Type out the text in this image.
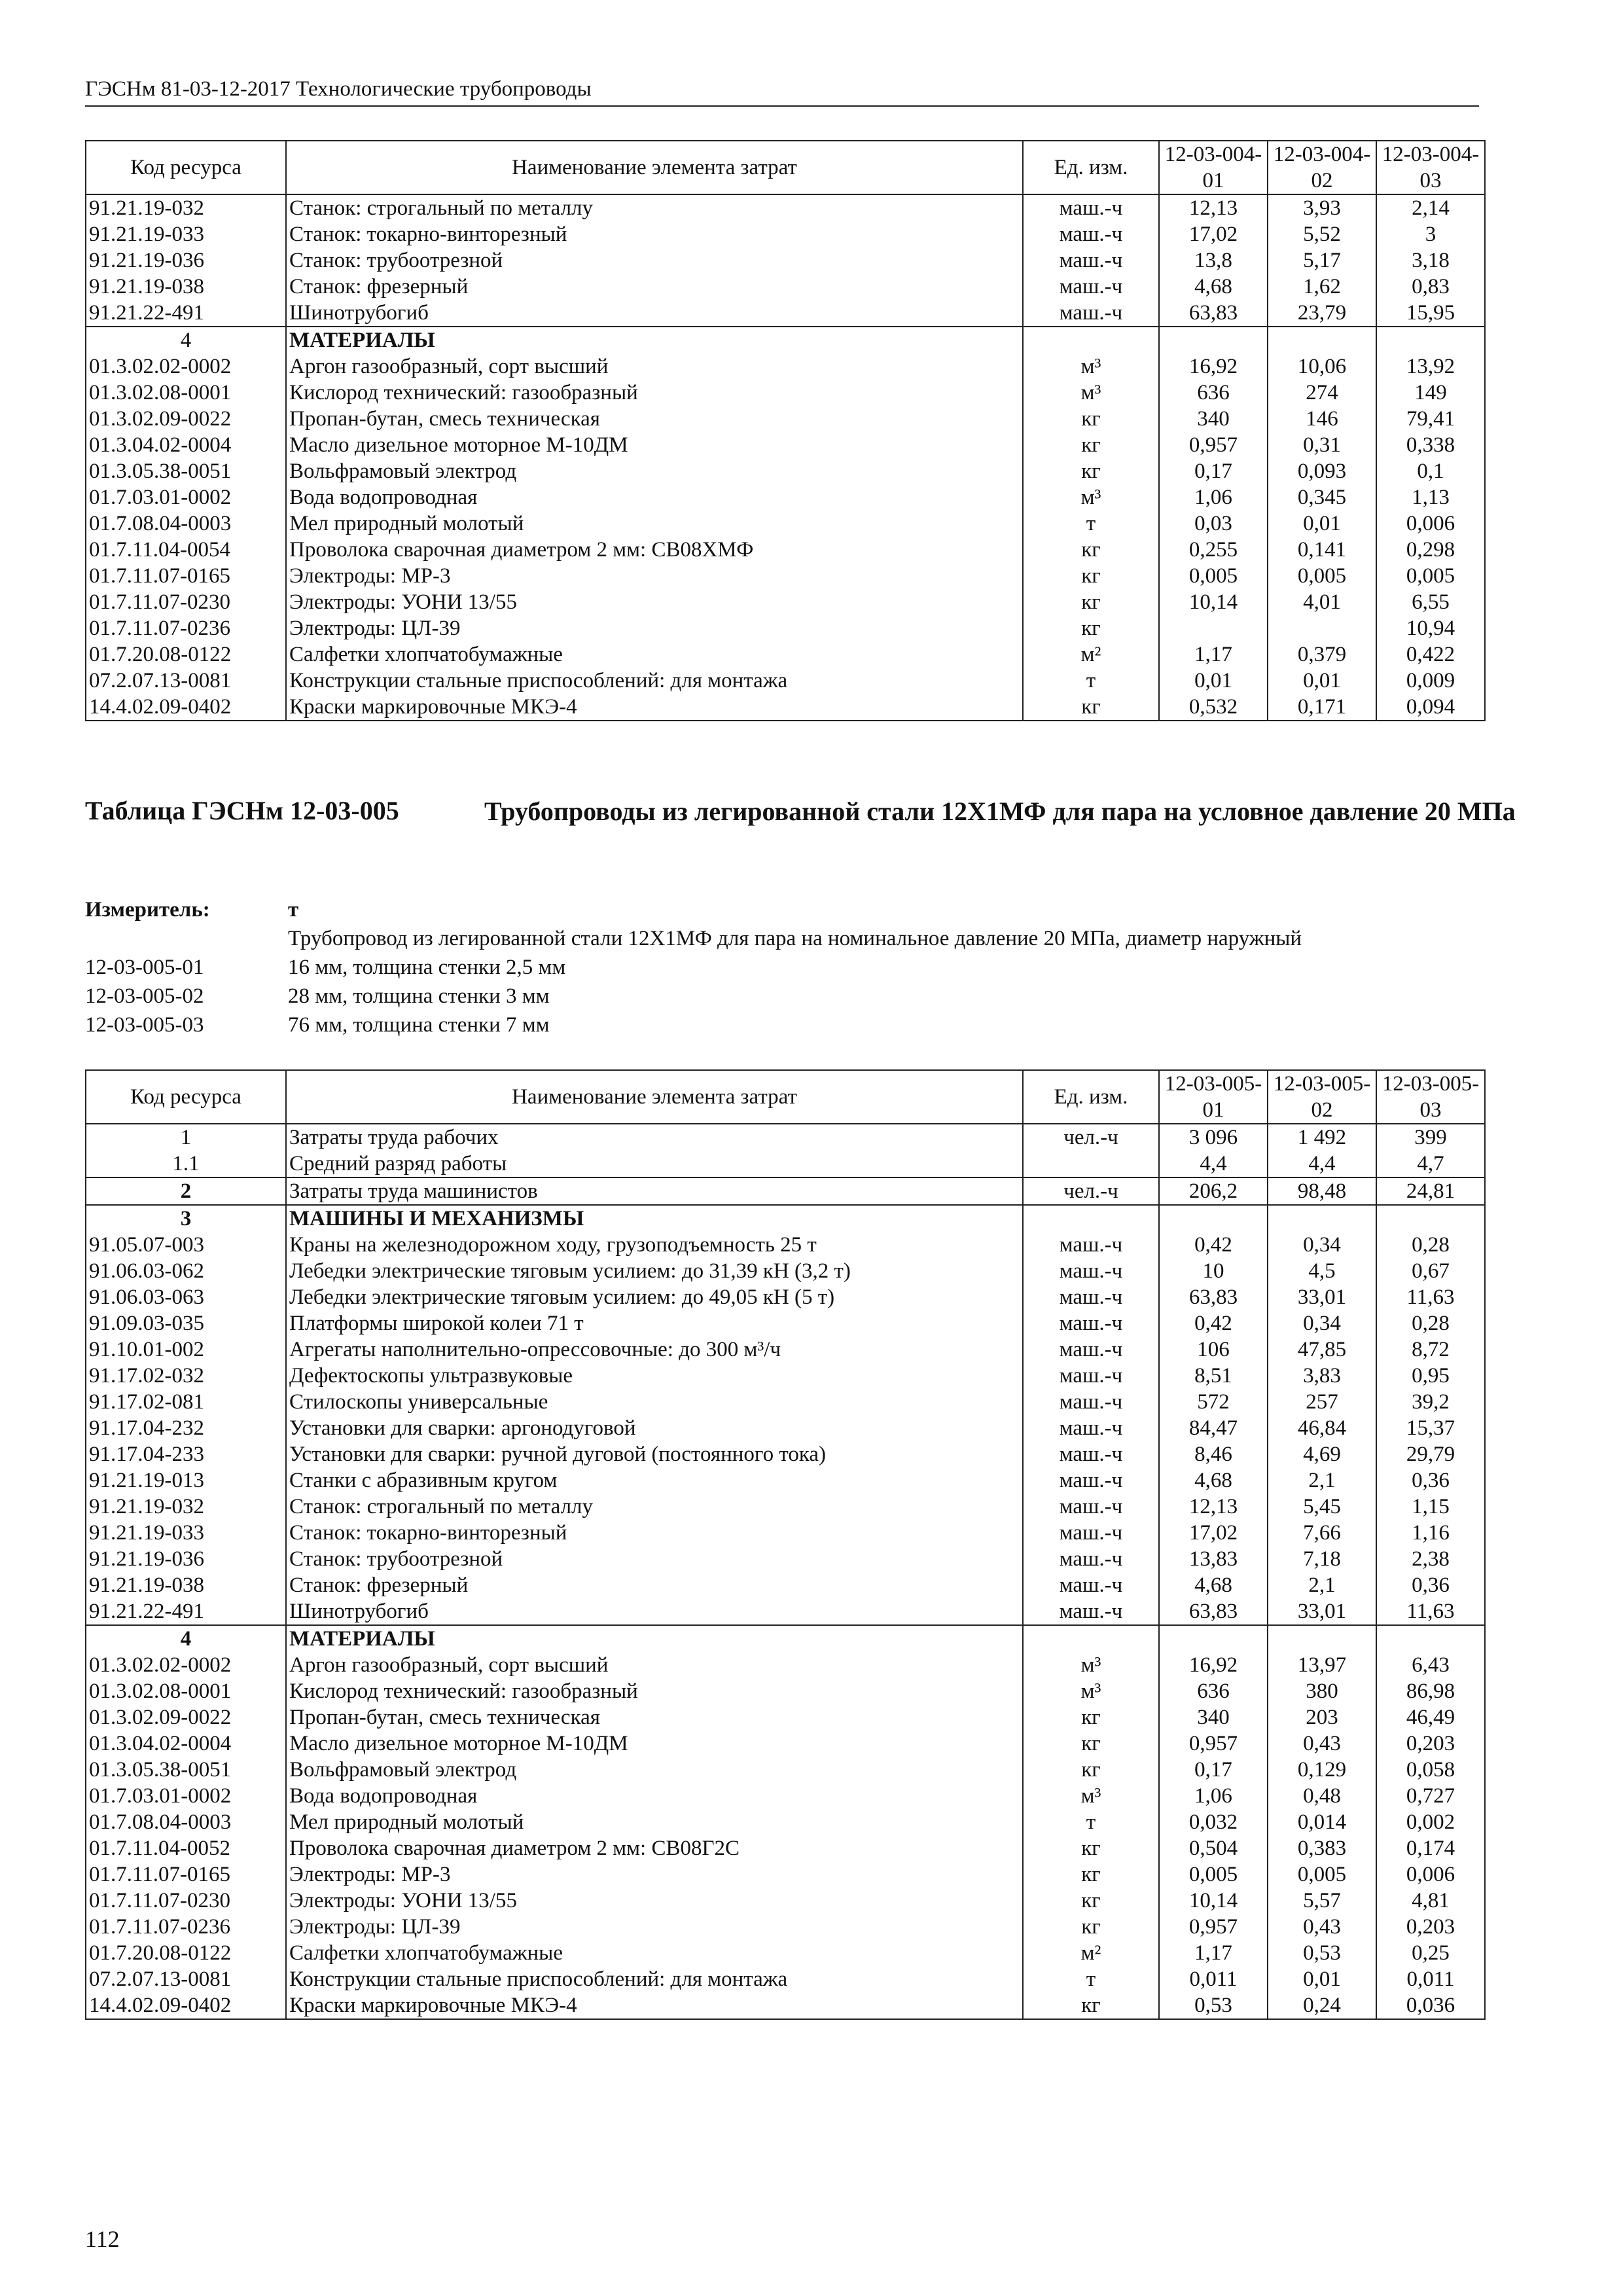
ГЭСНм 81-03-12-2017 Технологические трубопроводы
Код ресурса	Наименование элемента затрат	Ед. изм.	12-03-004-01	12-03-004-02	12-03-004-03
91.21.19-032	Станок: строгальный по металлу	маш.-ч	12,13	3,93	2,14
91.21.19-033	Станок: токарно-винторезный	маш.-ч	17,02	5,52	3
91.21.19-036	Станок: трубоотрезной	маш.-ч	13,8	5,17	3,18
91.21.19-038	Станок: фрезерный	маш.-ч	4,68	1,62	0,83
91.21.22-491	Шинотрубогиб	маш.-ч	63,83	23,79	15,95
4	МАТЕРИАЛЫ				
01.3.02.02-0002	Аргон газообразный, сорт высший	м³	16,92	10,06	13,92
01.3.02.08-0001	Кислород технический: газообразный	м³	636	274	149
01.3.02.09-0022	Пропан-бутан, смесь техническая	кг	340	146	79,41
01.3.04.02-0004	Масло дизельное моторное М-10ДМ	кг	0,957	0,31	0,338
01.3.05.38-0051	Вольфрамовый электрод	кг	0,17	0,093	0,1
01.7.03.01-0002	Вода водопроводная	м³	1,06	0,345	1,13
01.7.08.04-0003	Мел природный молотый	т	0,03	0,01	0,006
01.7.11.04-0054	Проволока сварочная диаметром 2 мм: СВ08ХМФ	кг	0,255	0,141	0,298
01.7.11.07-0165	Электроды: МР-3	кг	0,005	0,005	0,005
01.7.11.07-0230	Электроды: УОНИ 13/55	кг	10,14	4,01	6,55
01.7.11.07-0236	Электроды: ЦЛ-39	кг			10,94
01.7.20.08-0122	Салфетки хлопчатобумажные	м²	1,17	0,379	0,422
07.2.07.13-0081	Конструкции стальные приспособлений: для монтажа	т	0,01	0,01	0,009
14.4.02.09-0402	Краски маркировочные МКЭ-4	кг	0,532	0,171	0,094
Таблица ГЭСНм 12-03-005	Трубопроводы из легированной стали 12Х1МФ для пара на условное давление 20 МПа
Измеритель:	т
Трубопровод из легированной стали 12Х1МФ для пара на номинальное давление 20 МПа, диаметр наружный
12-03-005-01	16 мм, толщина стенки 2,5 мм
12-03-005-02	28 мм, толщина стенки 3 мм
12-03-005-03	76 мм, толщина стенки 7 мм
Код ресурса	Наименование элемента затрат	Ед. изм.	12-03-005-01	12-03-005-02	12-03-005-03
1	Затраты труда рабочих	чел.-ч	3 096	1 492	399
1.1	Средний разряд работы		4,4	4,4	4,7
2	Затраты труда машинистов	чел.-ч	206,2	98,48	24,81
3	МАШИНЫ И МЕХАНИЗМЫ				
91.05.07-003	Краны на железнодорожном ходу, грузоподъемность 25 т	маш.-ч	0,42	0,34	0,28
91.06.03-062	Лебедки электрические тяговым усилием: до 31,39 кН (3,2 т)	маш.-ч	10	4,5	0,67
91.06.03-063	Лебедки электрические тяговым усилием: до 49,05 кН (5 т)	маш.-ч	63,83	33,01	11,63
91.09.03-035	Платформы широкой колеи 71 т	маш.-ч	0,42	0,34	0,28
91.10.01-002	Агрегаты наполнительно-опрессовочные: до 300 м³/ч	маш.-ч	106	47,85	8,72
91.17.02-032	Дефектоскопы ультразвуковые	маш.-ч	8,51	3,83	0,95
91.17.02-081	Стилоскопы универсальные	маш.-ч	572	257	39,2
91.17.04-232	Установки для сварки: аргонодуговой	маш.-ч	84,47	46,84	15,37
91.17.04-233	Установки для сварки: ручной дуговой (постоянного тока)	маш.-ч	8,46	4,69	29,79
91.21.19-013	Станки с абразивным кругом	маш.-ч	4,68	2,1	0,36
91.21.19-032	Станок: строгальный по металлу	маш.-ч	12,13	5,45	1,15
91.21.19-033	Станок: токарно-винторезный	маш.-ч	17,02	7,66	1,16
91.21.19-036	Станок: трубоотрезной	маш.-ч	13,83	7,18	2,38
91.21.19-038	Станок: фрезерный	маш.-ч	4,68	2,1	0,36
91.21.22-491	Шинотрубогиб	маш.-ч	63,83	33,01	11,63
4	МАТЕРИАЛЫ				
01.3.02.02-0002	Аргон газообразный, сорт высший	м³	16,92	13,97	6,43
01.3.02.08-0001	Кислород технический: газообразный	м³	636	380	86,98
01.3.02.09-0022	Пропан-бутан, смесь техническая	кг	340	203	46,49
01.3.04.02-0004	Масло дизельное моторное М-10ДМ	кг	0,957	0,43	0,203
01.3.05.38-0051	Вольфрамовый электрод	кг	0,17	0,129	0,058
01.7.03.01-0002	Вода водопроводная	м³	1,06	0,48	0,727
01.7.08.04-0003	Мел природный молотый	т	0,032	0,014	0,002
01.7.11.04-0052	Проволока сварочная диаметром 2 мм: СВ08Г2С	кг	0,504	0,383	0,174
01.7.11.07-0165	Электроды: МР-3	кг	0,005	0,005	0,006
01.7.11.07-0230	Электроды: УОНИ 13/55	кг	10,14	5,57	4,81
01.7.11.07-0236	Электроды: ЦЛ-39	кг	0,957	0,43	0,203
01.7.20.08-0122	Салфетки хлопчатобумажные	м²	1,17	0,53	0,25
07.2.07.13-0081	Конструкции стальные приспособлений: для монтажа	т	0,011	0,01	0,011
14.4.02.09-0402	Краски маркировочные МКЭ-4	кг	0,53	0,24	0,036
112
